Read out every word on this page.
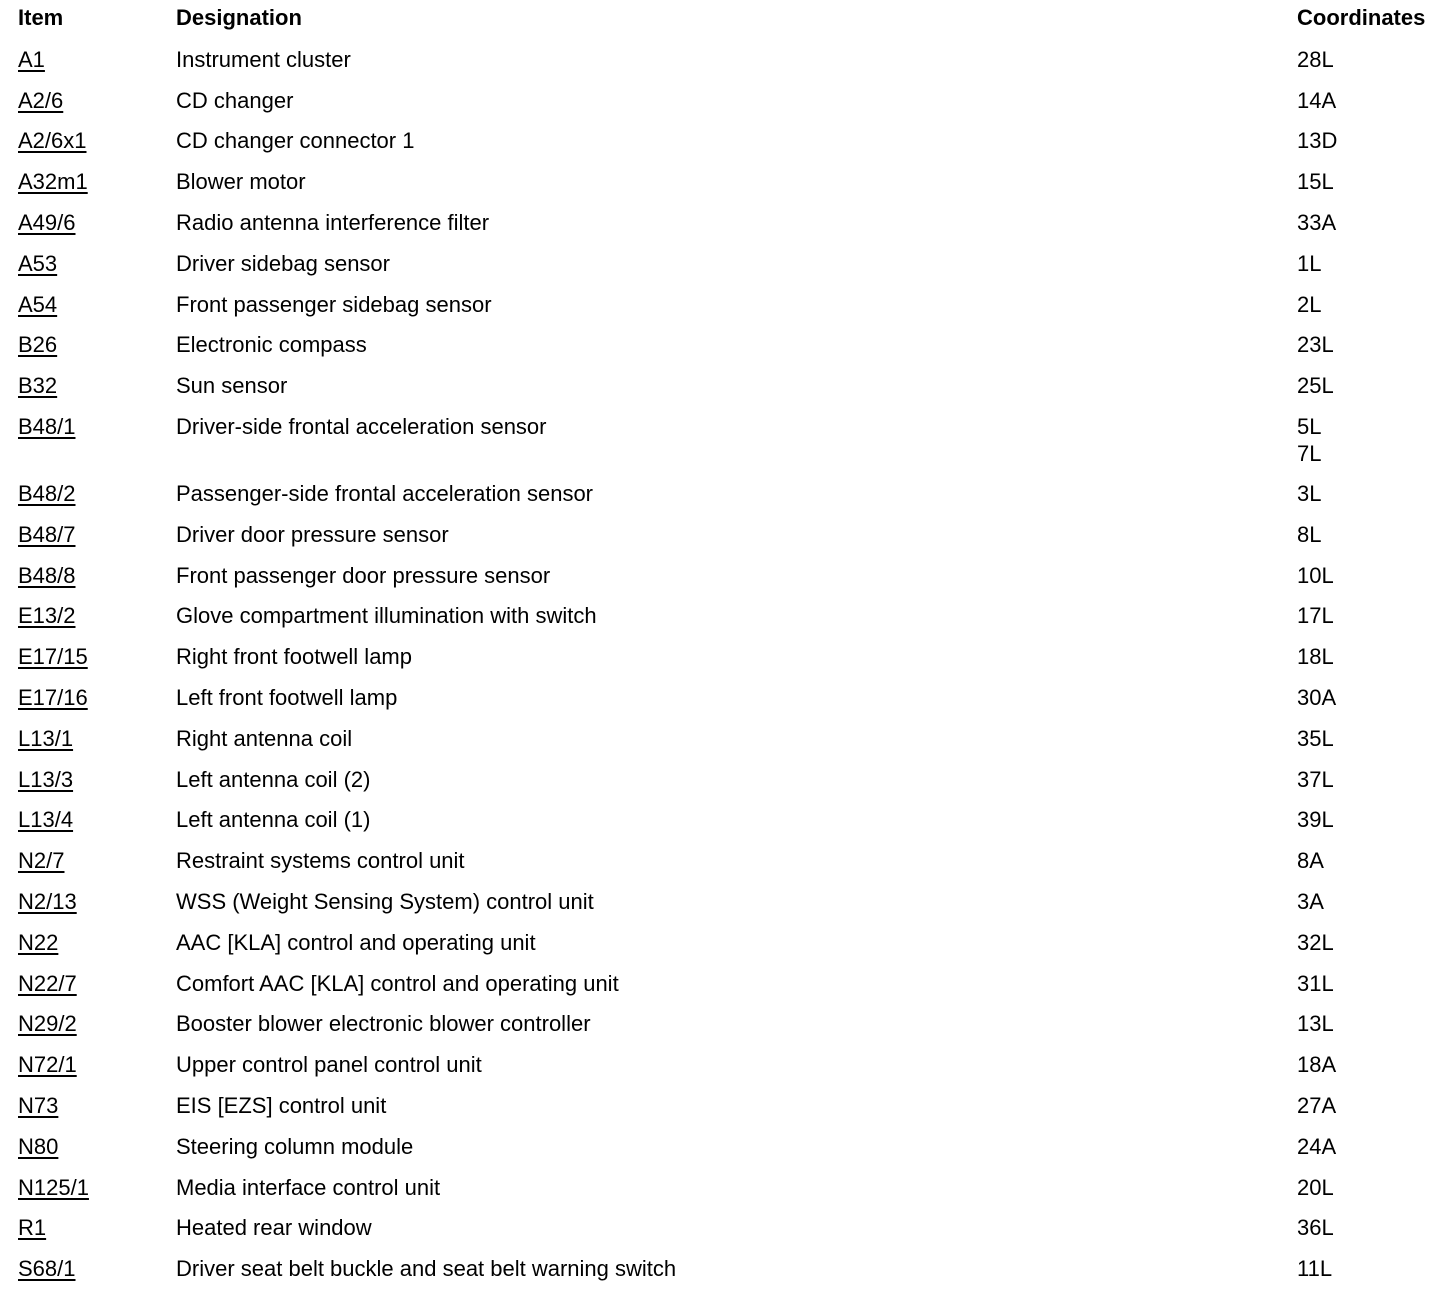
Item	Designation	Coordinates
A1	Instrument cluster	28L
A2/6	CD changer	14A
A2/6x1	CD changer connector 1	13D
A32m1	Blower motor	15L
A49/6	Radio antenna interference filter	33A
A53	Driver sidebag sensor	1L
A54	Front passenger sidebag sensor	2L
B26	Electronic compass	23L
B32	Sun sensor	25L
B48/1	Driver-side frontal acceleration sensor	5L
7L
B48/2	Passenger-side frontal acceleration sensor	3L
B48/7	Driver door pressure sensor	8L
B48/8	Front passenger door pressure sensor	10L
E13/2	Glove compartment illumination with switch	17L
E17/15	Right front footwell lamp	18L
E17/16	Left front footwell lamp	30A
L13/1	Right antenna coil	35L
L13/3	Left antenna coil (2)	37L
L13/4	Left antenna coil (1)	39L
N2/7	Restraint systems control unit	8A
N2/13	WSS (Weight Sensing System) control unit	3A
N22	AAC [KLA] control and operating unit	32L
N22/7	Comfort AAC [KLA] control and operating unit	31L
N29/2	Booster blower electronic blower controller	13L
N72/1	Upper control panel control unit	18A
N73	EIS [EZS] control unit	27A
N80	Steering column module	24A
N125/1	Media interface control unit	20L
R1	Heated rear window	36L
S68/1	Driver seat belt buckle and seat belt warning switch	11L
